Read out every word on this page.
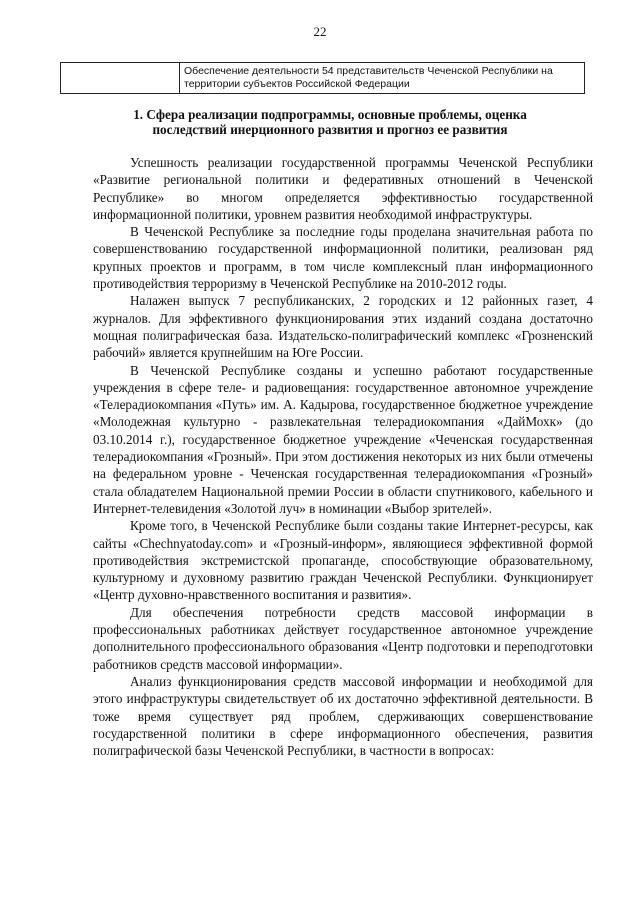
22
	Обеспечение деятельности 54 представительств Чеченской Республики на территории субъектов Российской Федерации
1. Сфера реализации подпрограммы, основные проблемы, оценка последствий инерционного развития и прогноз ее развития

Успешность реализации государственной программы Чеченской Республики «Развитие региональной политики и федеративных отношений в Чеченской Республике» во многом определяется эффективностью государственной информационной политики, уровнем развития необходимой инфраструктуры.

В Чеченской Республике за последние годы проделана значительная работа по совершенствованию государственной информационной политики, реализован ряд крупных проектов и программ, в том числе комплексный план информационного противодействия терроризму в Чеченской Республике на 2010-2012 годы.

Налажен выпуск 7 республиканских, 2 городских и 12 районных газет, 4 журналов. Для эффективного функционирования этих изданий создана достаточно мощная полиграфическая база. Издательско-полиграфический комплекс «Грозненский рабочий» является крупнейшим на Юге России.

В Чеченской Республике созданы и успешно работают государственные учреждения в сфере теле- и радиовещания: государственное автономное учреждение «Телерадиокомпания «Путь» им. А. Кадырова, государственное бюджетное учреждение «Молодежная культурно - развлекательная телерадиокомпания «ДайМохк» (до 03.10.2014 г.), государственное бюджетное учреждение «Чеченская государственная телерадиокомпания «Грозный». При этом достижения некоторых из них были отмечены на федеральном уровне - Чеченская государственная телерадиокомпания «Грозный» стала обладателем Национальной премии России в области спутникового, кабельного и Интернет-телевидения «Золотой луч» в номинации «Выбор зрителей».

Кроме того, в Чеченской Республике были созданы такие Интернет-ресурсы, как сайты «Chechnyatoday.com» и «Грозный-информ», являющиеся эффективной формой противодействия экстремистской пропаганде, способствующие образовательному, культурному и духовному развитию граждан Чеченской Республики. Функционирует «Центр духовно-нравственного воспитания и развития».

Для обеспечения потребности средств массовой информации в профессиональных работниках действует государственное автономное учреждение дополнительного профессионального образования «Центр подготовки и переподготовки работников средств массовой информации».

Анализ функционирования средств массовой информации и необходимой для этого инфраструктуры свидетельствует об их достаточно эффективной деятельности. В тоже время существует ряд проблем, сдерживающих совершенствование государственной политики в сфере информационного обеспечения, развития полиграфической базы Чеченской Республики, в частности в вопросах:
